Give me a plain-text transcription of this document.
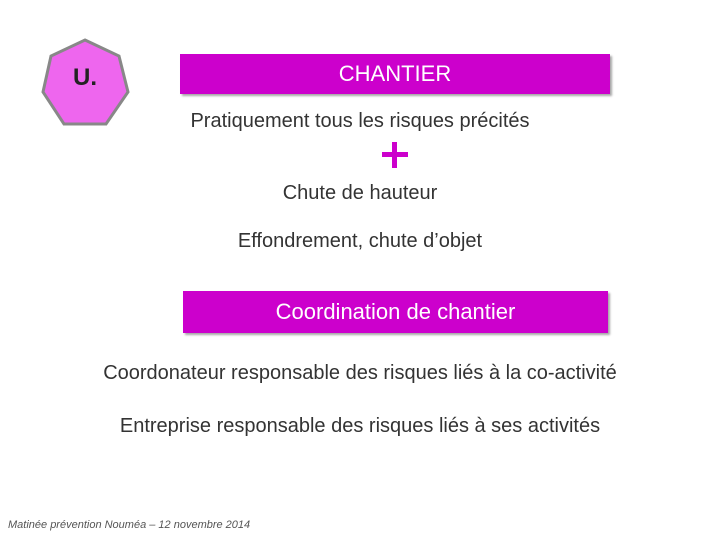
U.	CHANTIER
Pratiquement tous les risques précités
Chute de hauteur
Effondrement, chute d’objet
Coordination de chantier
Coordonateur responsable des risques liés à la co-activité
Entreprise responsable des risques liés à ses activités
Matinée prévention Nouméa – 12 novembre 2014
